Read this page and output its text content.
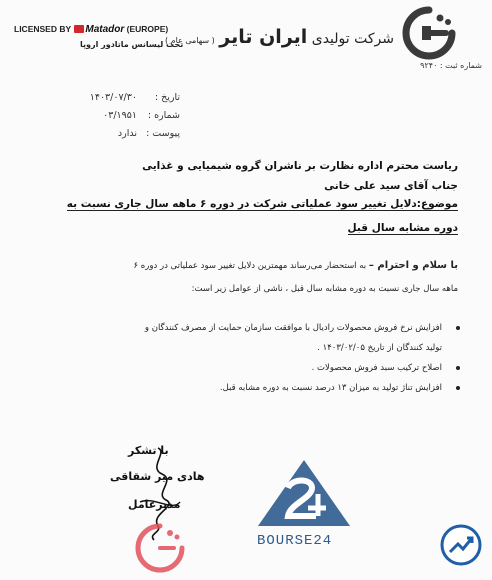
LICENSED BY Matador (EUROPE)
تحت لیسانس ماتادور اروپا	شرکت تولیدی ایران تایر ( سهامی عام )
شماره ثبت : ۹۲۴۰
تاریخ : ۱۴۰۳/۰۷/۳۰
شماره : ۰۳/۱۹۵۱
پیوست : ندارد
ریاست محترم اداره نظارت بر ناشران گروه شیمیایی و غذایی
جناب آقای سید علی خانی
موضوع:دلایل تغییر سود عملیاتی شرکت در دوره ۶ ماهه سال جاری نسبت به
دوره مشابه سال قبل
با سلام و احترام – به استحضار می‌رساند مهمترین دلایل تغییر سود عملیاتی در دوره ۶
ماهه سال جاری نسبت به دوره مشابه سال قبل ، ناشی از عوامل زیر است:
افزایش نرخ فروش محصولات رادیال با موافقت سازمان حمایت از مصرف کنندگان و
تولید کنندگان از تاریخ ۱۴۰۳/۰۲/۰۵ .
اصلاح ترکیب سبد فروش محصولات .
افزایش تناژ تولید به میزان ۱۳ درصد نسبت به دوره مشابه قبل.
با تشکر
هادی میر شقاقی
مدیرعامل
BOURSE24
